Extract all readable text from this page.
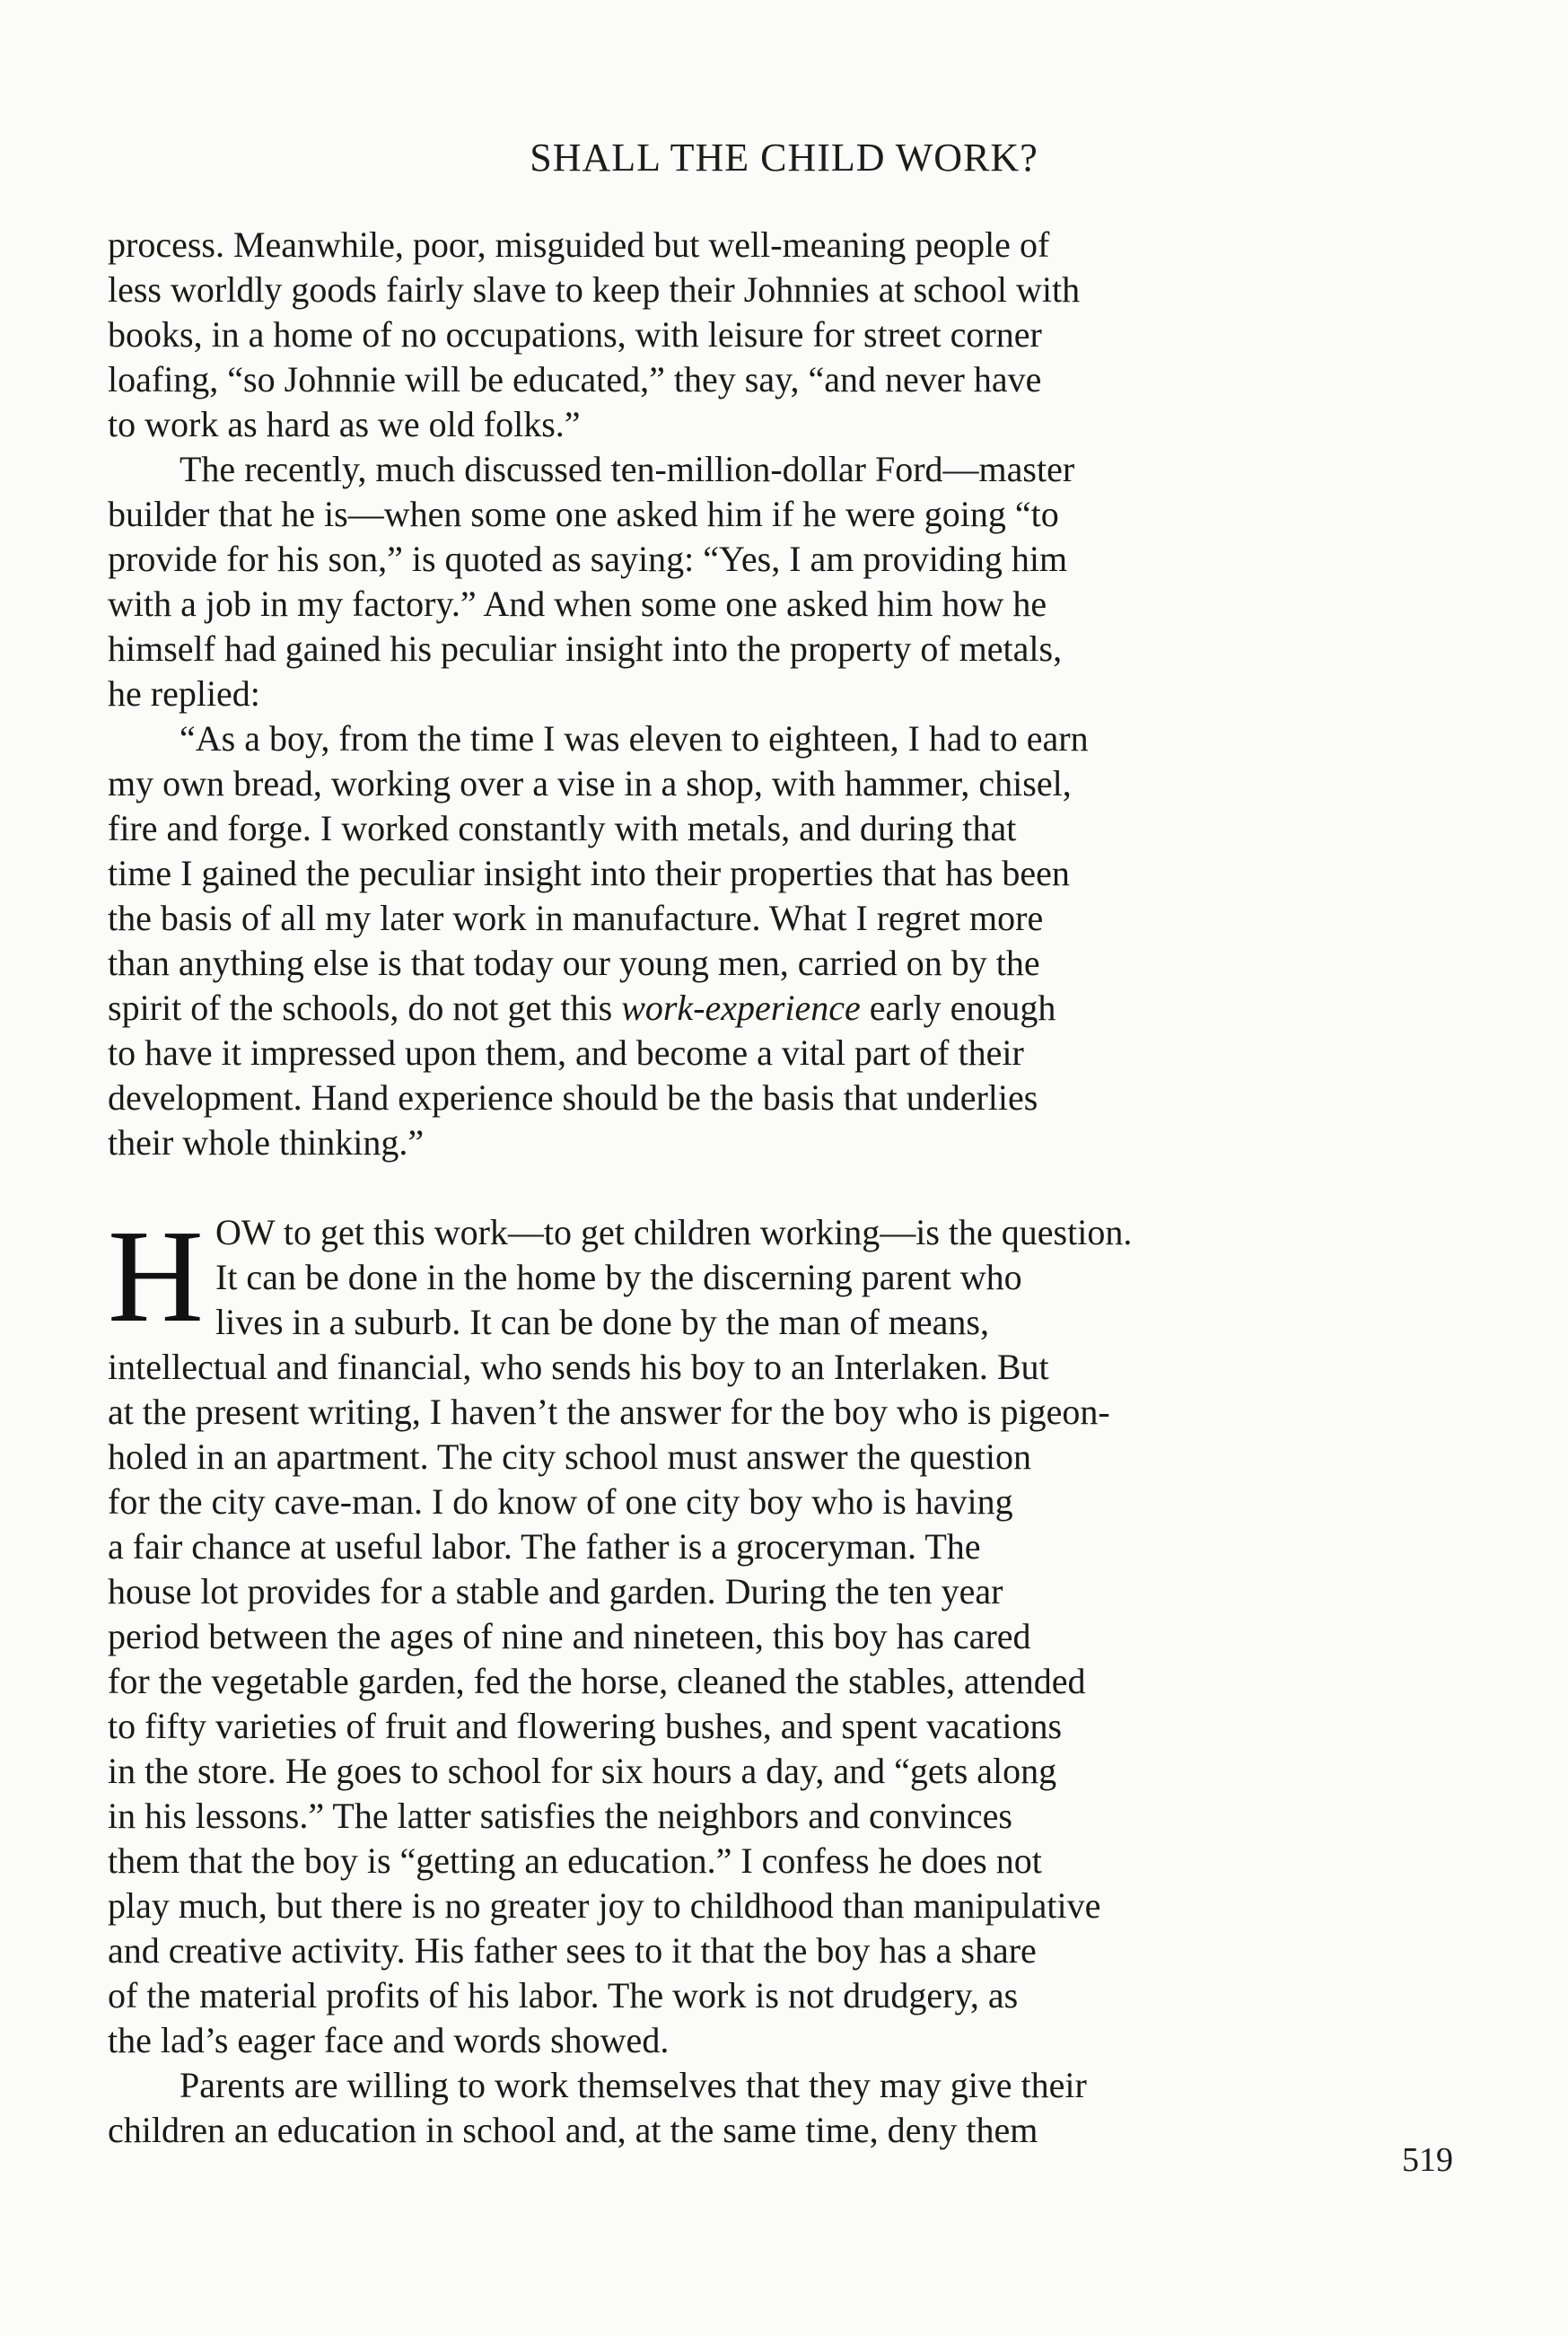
SHALL THE CHILD WORK?
process. Meanwhile, poor, misguided but well-meaning people of
less worldly goods fairly slave to keep their Johnnies at school with
books, in a home of no occupations, with leisure for street corner
loafing, “so Johnnie will be educated,” they say, “and never have
to work as hard as we old folks.”
The recently, much discussed ten-million-dollar Ford—master
builder that he is—when some one asked him if he were going “to
provide for his son,” is quoted as saying: “Yes, I am providing him
with a job in my factory.” And when some one asked him how he
himself had gained his peculiar insight into the property of metals,
he replied:
“As a boy, from the time I was eleven to eighteen, I had to earn
my own bread, working over a vise in a shop, with hammer, chisel,
fire and forge. I worked constantly with metals, and during that
time I gained the peculiar insight into their properties that has been
the basis of all my later work in manufacture. What I regret more
than anything else is that today our young men, carried on by the
spirit of the schools, do not get this work-experience early enough
to have it impressed upon them, and become a vital part of their
development. Hand experience should be the basis that underlies
their whole thinking.”
H OW to get this work—to get children working—is the question.
It can be done in the home by the discerning parent who
lives in a suburb. It can be done by the man of means,
intellectual and financial, who sends his boy to an Interlaken. But
at the present writing, I haven’t the answer for the boy who is pigeon-
holed in an apartment. The city school must answer the question
for the city cave-man. I do know of one city boy who is having
a fair chance at useful labor. The father is a groceryman. The
house lot provides for a stable and garden. During the ten year
period between the ages of nine and nineteen, this boy has cared
for the vegetable garden, fed the horse, cleaned the stables, attended
to fifty varieties of fruit and flowering bushes, and spent vacations
in the store. He goes to school for six hours a day, and “gets along
in his lessons.” The latter satisfies the neighbors and convinces
them that the boy is “getting an education.” I confess he does not
play much, but there is no greater joy to childhood than manipulative
and creative activity. His father sees to it that the boy has a share
of the material profits of his labor. The work is not drudgery, as
the lad’s eager face and words showed.
Parents are willing to work themselves that they may give their
children an education in school and, at the same time, deny them
519
